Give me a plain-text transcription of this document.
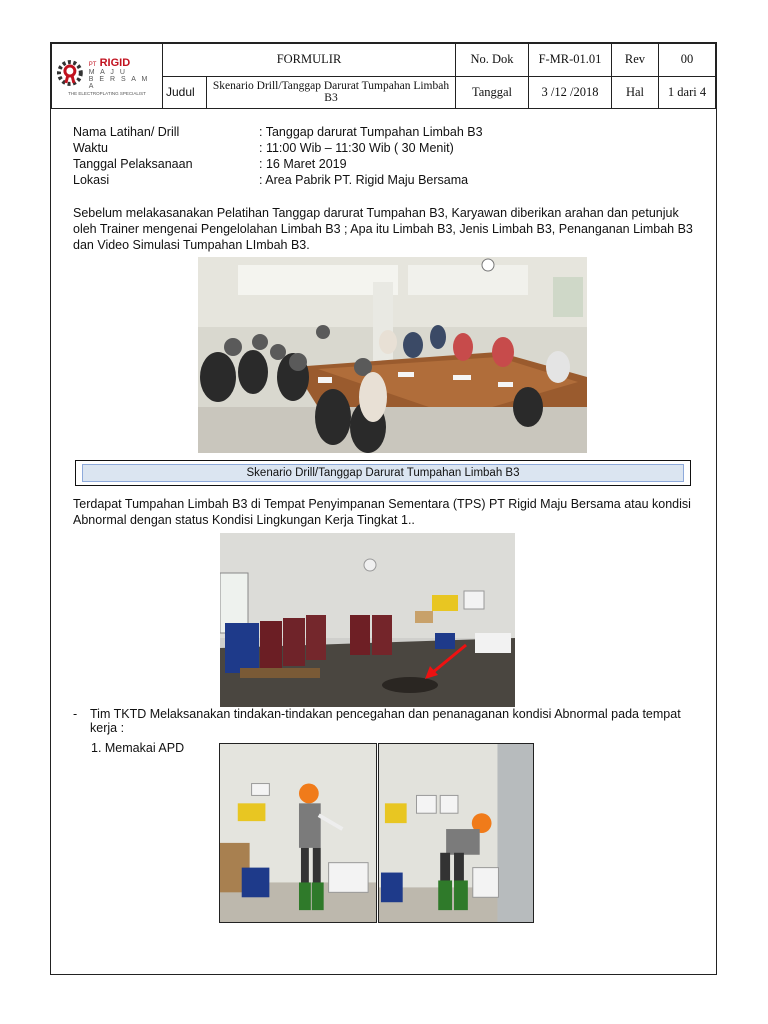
PT RIGID
M A J U
B E R S A M A
THE ELECTROPLATING SPECIALIST	FORMULIR		No. Dok	F-MR-01.01	Rev	00
	Judul	Skenario Drill/Tanggap Darurat Tumpahan Limbah B3	Tanggal	3 /12 /2018	Hal	1 dari 4
Nama Latihan/ Drill	: Tanggap darurat Tumpahan Limbah B3
Waktu	: 11:00 Wib – 11:30 Wib ( 30 Menit)
Tanggal Pelaksanaan	: 16 Maret 2019
Lokasi	: Area Pabrik PT. Rigid Maju Bersama

Sebelum melakasanakan Pelatihan Tanggap darurat Tumpahan B3, Karyawan diberikan arahan dan petunjuk oleh Trainer mengenai Pengelolahan Limbah B3 ; Apa itu Limbah B3, Jenis Limbah B3, Penanganan Limbah B3 dan Video Simulasi Tumpahan LImbah B3.

Skenario Drill/Tanggap Darurat Tumpahan Limbah B3

Terdapat Tumpahan Limbah B3 di Tempat Penyimpanan Sementara (TPS) PT Rigid Maju Bersama atau kondisi Abnormal dengan status Kondisi Lingkungan Kerja Tingkat 1..

- Tim TKTD Melaksanakan tindakan-tindakan pencegahan dan penanaganan kondisi Abnormal pada tempat kerja :
1. Memakai APD
